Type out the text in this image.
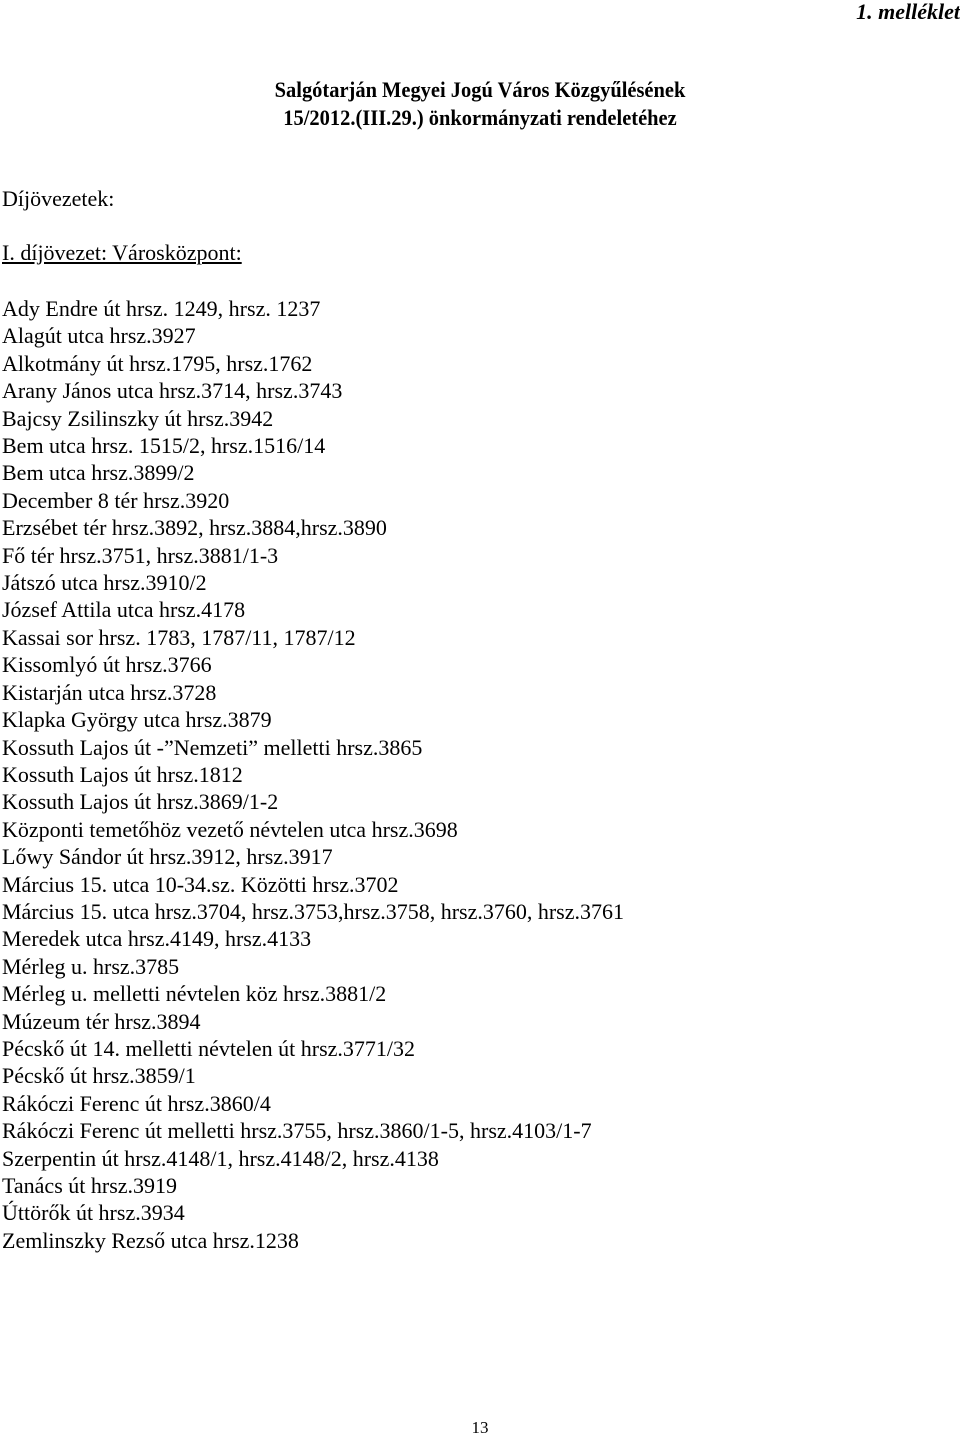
1. melléklet
Salgótarján Megyei Jogú Város Közgyűlésének
15/2012.(III.29.) önkormányzati rendeletéhez
Díjövezetek:
I. díjövezet: Városközpont:
Ady Endre út hrsz. 1249, hrsz. 1237
Alagút utca hrsz.3927
Alkotmány út hrsz.1795, hrsz.1762
Arany János utca hrsz.3714, hrsz.3743
Bajcsy Zsilinszky út hrsz.3942
Bem utca hrsz. 1515/2, hrsz.1516/14
Bem utca hrsz.3899/2
December 8 tér hrsz.3920
Erzsébet tér hrsz.3892, hrsz.3884,hrsz.3890
Fő tér hrsz.3751, hrsz.3881/1-3
Játszó utca hrsz.3910/2
József Attila utca hrsz.4178
Kassai sor hrsz. 1783, 1787/11, 1787/12
Kissomlyó út hrsz.3766
Kistarján utca hrsz.3728
Klapka György utca hrsz.3879
Kossuth Lajos út -”Nemzeti” melletti hrsz.3865
Kossuth Lajos út hrsz.1812
Kossuth Lajos út hrsz.3869/1-2
Központi temetőhöz vezető névtelen utca hrsz.3698
Lőwy Sándor út hrsz.3912, hrsz.3917
Március 15. utca 10-34.sz. Közötti hrsz.3702
Március 15. utca hrsz.3704, hrsz.3753,hrsz.3758, hrsz.3760, hrsz.3761
Meredek utca hrsz.4149, hrsz.4133
Mérleg u. hrsz.3785
Mérleg u. melletti névtelen köz hrsz.3881/2
Múzeum tér hrsz.3894
Pécskő út 14. melletti névtelen út hrsz.3771/32
Pécskő út hrsz.3859/1
Rákóczi Ferenc út hrsz.3860/4
Rákóczi Ferenc út melletti hrsz.3755, hrsz.3860/1-5, hrsz.4103/1-7
Szerpentin út hrsz.4148/1, hrsz.4148/2, hrsz.4138
Tanács út hrsz.3919
Úttörők út hrsz.3934
Zemlinszky Rezső utca hrsz.1238
13
